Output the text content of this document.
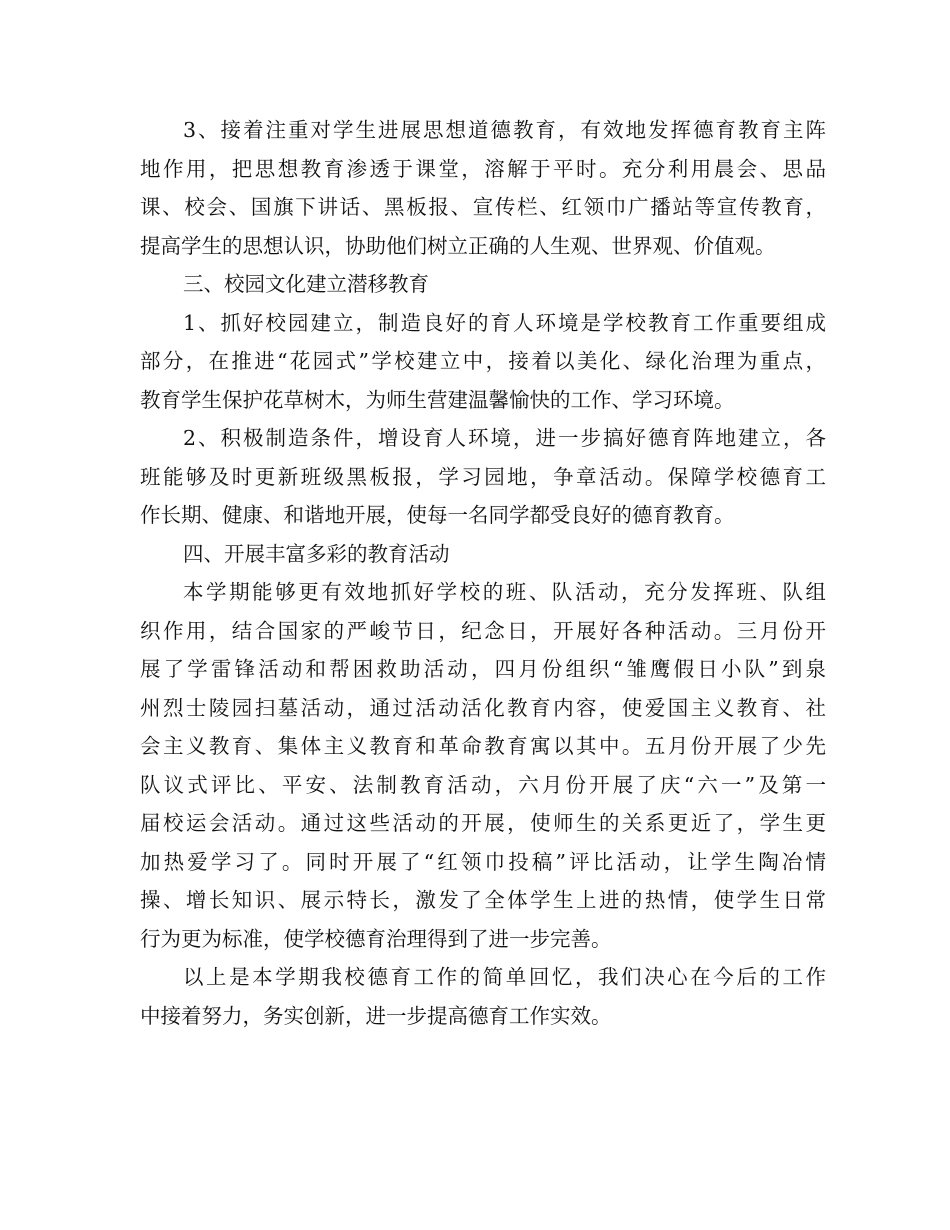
3、接着注重对学生进展思想道德教育，有效地发挥德育教育主阵
地作用，把思想教育渗透于课堂，溶解于平时。充分利用晨会、思品
课、校会、国旗下讲话、黑板报、宣传栏、红领巾广播站等宣传教育，
提高学生的思想认识，协助他们树立正确的人生观、世界观、价值观。
三、校园文化建立潜移教育
1、抓好校园建立，制造良好的育人环境是学校教育工作重要组成
部分，在推进“花园式”学校建立中，接着以美化、绿化治理为重点，
教育学生保护花草树木，为师生营建温馨愉快的工作、学习环境。
2、积极制造条件，增设育人环境，进一步搞好德育阵地建立，各
班能够及时更新班级黑板报，学习园地，争章活动。保障学校德育工
作长期、健康、和谐地开展，使每一名同学都受良好的德育教育。
四、开展丰富多彩的教育活动
本学期能够更有效地抓好学校的班、队活动，充分发挥班、队组
织作用，结合国家的严峻节日，纪念日，开展好各种活动。三月份开
展了学雷锋活动和帮困救助活动，四月份组织“雏鹰假日小队”到泉
州烈士陵园扫墓活动，通过活动活化教育内容，使爱国主义教育、社
会主义教育、集体主义教育和革命教育寓以其中。五月份开展了少先
队议式评比、平安、法制教育活动，六月份开展了庆“六一”及第一
届校运会活动。通过这些活动的开展，使师生的关系更近了，学生更
加热爱学习了。同时开展了“红领巾投稿”评比活动，让学生陶冶情
操、增长知识、展示特长，激发了全体学生上进的热情，使学生日常
行为更为标准，使学校德育治理得到了进一步完善。
以上是本学期我校德育工作的简单回忆，我们决心在今后的工作
中接着努力，务实创新，进一步提高德育工作实效。
